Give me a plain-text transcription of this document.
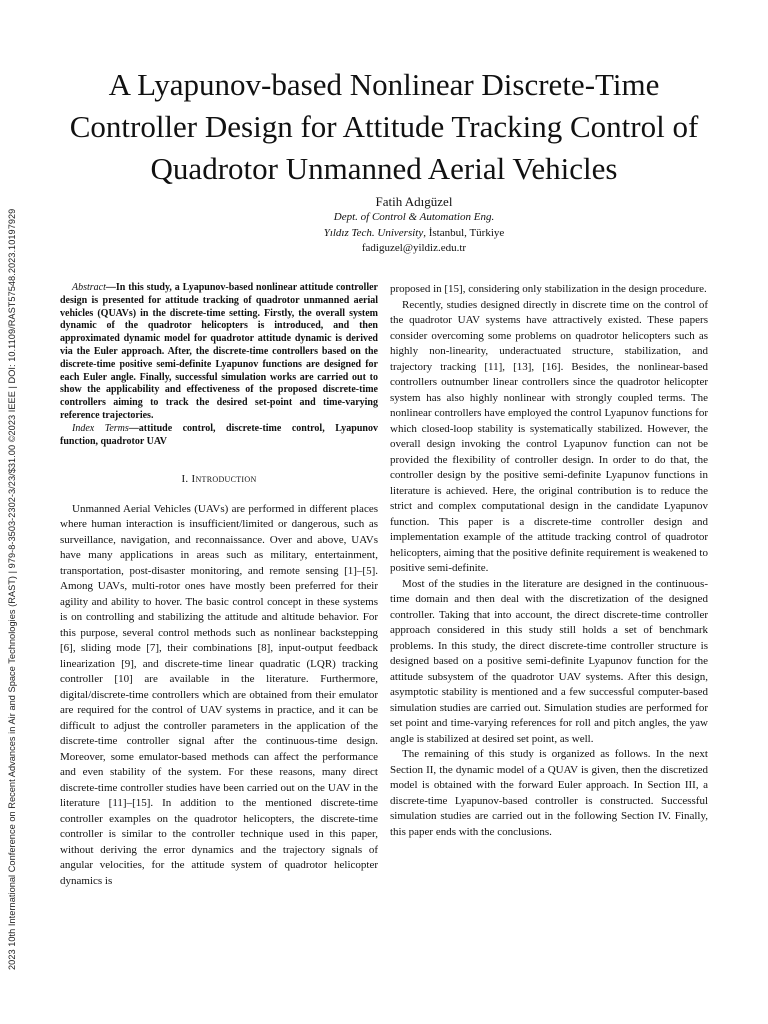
2023 10th International Conference on Recent Advances in Air and Space Technologies (RAST) | 979-8-3503-2302-3/23/$31.00 ©2023 IEEE | DOI: 10.1109/RAST57548.2023.10197929
A Lyapunov-based Nonlinear Discrete-Time
Controller Design for Attitude Tracking Control of
Quadrotor Unmanned Aerial Vehicles
Fatih Adıgüzel
Dept. of Control & Automation Eng.
Yıldız Tech. University, İstanbul, Türkiye
fadiguzel@yildiz.edu.tr

Abstract—In this study, a Lyapunov-based nonlinear attitude controller design is presented for attitude tracking of quadrotor unmanned aerial vehicles (QUAVs) in the discrete-time setting. Firstly, the overall system dynamic of the quadrotor helicopters is introduced, and then approximated dynamic model for quadrotor attitude dynamic is derived via the Euler approach. After, the discrete-time controllers based on the discrete-time positive semi-definite Lyapunov functions are designed for each Euler angle. Finally, successful simulation works are carried out to show the applicability and effectiveness of the proposed discrete-time controllers aiming to track the desired set-point and time-varying reference trajectories.

Index Terms—attitude control, discrete-time control, Lyapunov function, quadrotor UAV

I. Introduction

Unmanned Aerial Vehicles (UAVs) are performed in different places where human interaction is insufficient/limited or dangerous, such as surveillance, navigation, and reconnaissance. Over and above, UAVs have many applications in areas such as military, entertainment, transportation, post-disaster monitoring, and remote sensing [1]–[5]. Among UAVs, multi-rotor ones have mostly been preferred for their agility and ability to hover. The basic control concept in these systems is on controlling and stabilizing the attitude and altitude behavior. For this purpose, several control methods such as nonlinear backstepping [6], sliding mode [7], their combinations [8], input-output feedback linearization [9], and discrete-time linear quadratic (LQR) tracking controller [10] are available in the literature. Furthermore, digital/discrete-time controllers which are obtained from their emulator are required for the control of UAV systems in practice, and it can be difficult to adjust the controller parameters in the application of the discrete-time controller signal after the continuous-time design. Moreover, some emulator-based methods can affect the performance and even stability of the system. For these reasons, many direct discrete-time controller studies have been carried out on the UAV in the literature [11]–[15]. In addition to the mentioned discrete-time controller examples on the quadrotor helicopters, the discrete-time controller is similar to the controller technique used in this paper, without deriving the error dynamics and the trajectory signals of angular velocities, for the attitude system of quadrotor helicopter dynamics is

proposed in [15], considering only stabilization in the design procedure.

Recently, studies designed directly in discrete time on the control of the quadrotor UAV systems have attractively existed. These papers consider overcoming some problems on quadrotor helicopters such as highly non-linearity, underactuated structure, stabilization, and trajectory tracking [11], [13], [16]. Besides, the nonlinear-based controllers outnumber linear controllers since the quadrotor helicopter system has also highly nonlinear with strongly coupled terms. The nonlinear controllers have employed the control Lyapunov functions for which closed-loop stability is systematically stabilized. However, the overall design invoking the control Lyapunov function can not be provided the flexibility of controller design. In order to do that, the controller design by the positive semi-definite Lyapunov functions in literature is achieved. Here, the original contribution is to reduce the strict and complex computational design in the candidate Lyapunov function. This paper is a discrete-time controller design and implementation example of the attitude tracking control of quadrotor helicopters, aiming that the positive definite requirement is weakened to positive semi-definite.

Most of the studies in the literature are designed in the continuous-time domain and then deal with the discretization of the designed controller. Taking that into account, the direct discrete-time controller approach considered in this study still holds a set of benchmark problems. In this study, the direct discrete-time controller structure is designed based on a positive semi-definite Lyapunov function for the attitude subsystem of the quadrotor UAV systems. After this design, asymptotic stability is mentioned and a few successful computer-based simulation studies are carried out. Simulation studies are performed for set point and time-varying references for roll and pitch angles, the yaw angle is stabilized at desired set point, as well.

The remaining of this study is organized as follows. In the next Section II, the dynamic model of a QUAV is given, then the discretized model is obtained with the forward Euler approach. In Section III, a discrete-time Lyapunov-based controller is constructed. Successful simulation studies are carried out in the following Section IV. Finally, this paper ends with the conclusions.
